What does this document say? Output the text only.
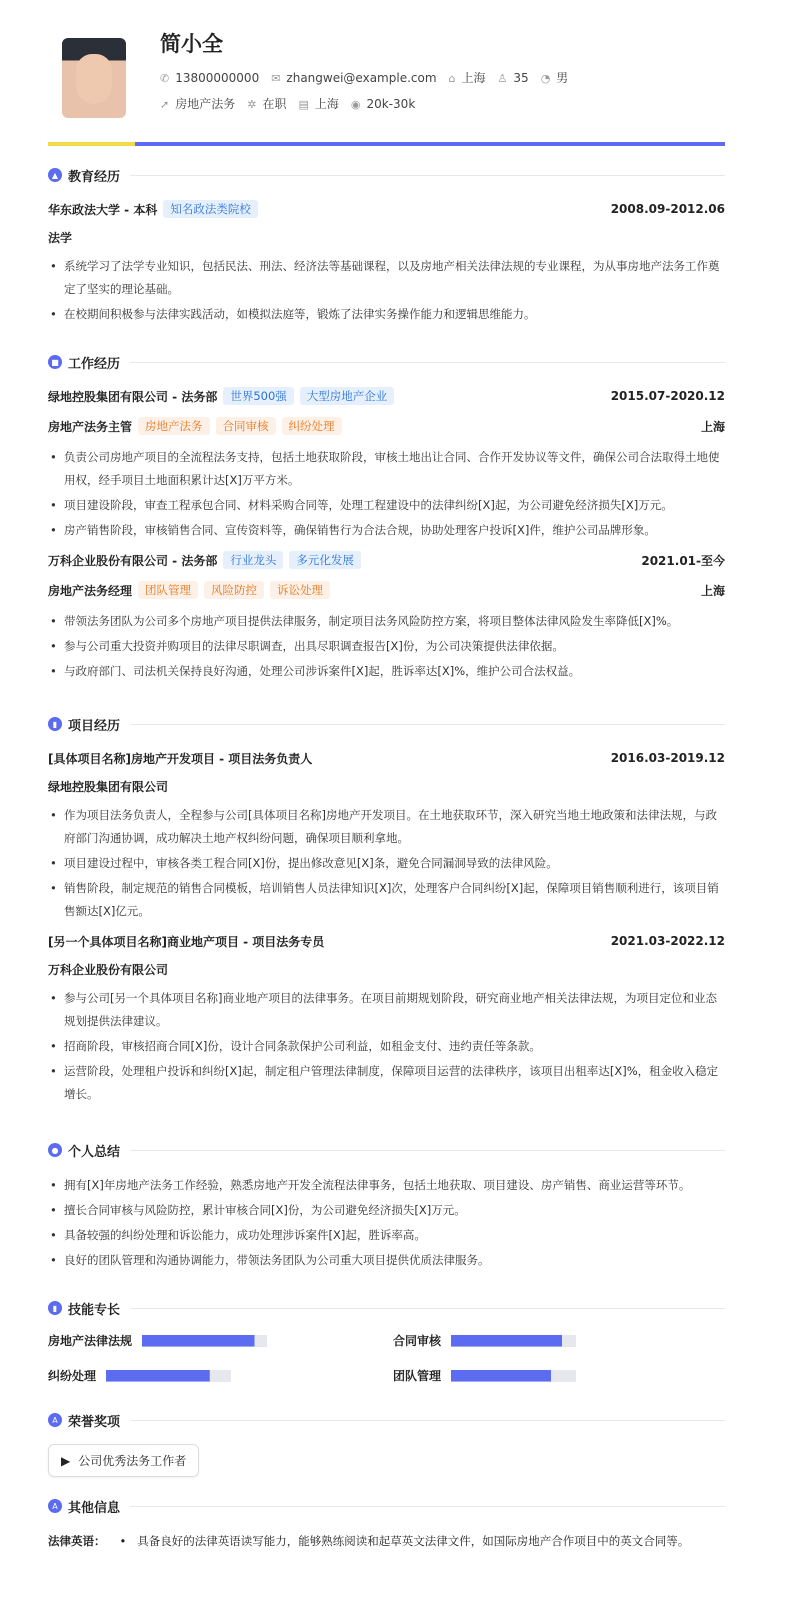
简小全
✆ 13800000000 ✉ zhangwei@example.com ⌂ 上海 ♙ 35 ◔ 男
➚ 房地产法务 ✲ 在职 ▤ 上海 ◉ 20k-30k
▲ 教育经历
华东政法大学 - 本科	知名政法类院校	2008.09-2012.06
法学
• 系统学习了法学专业知识，包括民法、刑法、经济法等基础课程，以及房地产相关法律法规的专业课程，为从事房地产法务工作奠定了坚实的理论基础。
• 在校期间积极参与法律实践活动，如模拟法庭等，锻炼了法律实务操作能力和逻辑思维能力。
■ 工作经历
绿地控股集团有限公司 - 法务部	世界500强	大型房地产企业	2015.07-2020.12
房地产法务主管	房地产法务	合同审核	纠纷处理	上海
• 负责公司房地产项目的全流程法务支持，包括土地获取阶段，审核土地出让合同、合作开发协议等文件，确保公司合法取得土地使用权，经手项目土地面积累计达[X]万平方米。
• 项目建设阶段，审查工程承包合同、材料采购合同等，处理工程建设中的法律纠纷[X]起，为公司避免经济损失[X]万元。
• 房产销售阶段，审核销售合同、宣传资料等，确保销售行为合法合规，协助处理客户投诉[X]件，维护公司品牌形象。
万科企业股份有限公司 - 法务部	行业龙头	多元化发展	2021.01-至今
房地产法务经理	团队管理	风险防控	诉讼处理	上海
• 带领法务团队为公司多个房地产项目提供法律服务，制定项目法务风险防控方案，将项目整体法律风险发生率降低[X]%。
• 参与公司重大投资并购项目的法律尽职调查，出具尽职调查报告[X]份，为公司决策提供法律依据。
• 与政府部门、司法机关保持良好沟通，处理公司涉诉案件[X]起，胜诉率达[X]%，维护公司合法权益。
▮ 项目经历
[具体项目名称]房地产开发项目 - 项目法务负责人	2016.03-2019.12
绿地控股集团有限公司
• 作为项目法务负责人，全程参与公司[具体项目名称]房地产开发项目。在土地获取环节，深入研究当地土地政策和法律法规，与政府部门沟通协调，成功解决土地产权纠纷问题，确保项目顺利拿地。
• 项目建设过程中，审核各类工程合同[X]份，提出修改意见[X]条，避免合同漏洞导致的法律风险。
• 销售阶段，制定规范的销售合同模板，培训销售人员法律知识[X]次，处理客户合同纠纷[X]起，保障项目销售顺利进行，该项目销售额达[X]亿元。
[另一个具体项目名称]商业地产项目 - 项目法务专员	2021.03-2022.12
万科企业股份有限公司
• 参与公司[另一个具体项目名称]商业地产项目的法律事务。在项目前期规划阶段，研究商业地产相关法律法规，为项目定位和业态规划提供法律建议。
• 招商阶段，审核招商合同[X]份，设计合同条款保护公司利益，如租金支付、违约责任等条款。
• 运营阶段，处理租户投诉和纠纷[X]起，制定租户管理法律制度，保障项目运营的法律秩序，该项目出租率达[X]%，租金收入稳定增长。
● 个人总结
• 拥有[X]年房地产法务工作经验，熟悉房地产开发全流程法律事务，包括土地获取、项目建设、房产销售、商业运营等环节。
• 擅长合同审核与风险防控，累计审核合同[X]份，为公司避免经济损失[X]万元。
• 具备较强的纠纷处理和诉讼能力，成功处理涉诉案件[X]起，胜诉率高。
• 良好的团队管理和沟通协调能力，带领法务团队为公司重大项目提供优质法律服务。
▮ 技能专长
房地产法律法规	合同审核
纠纷处理	团队管理
A 荣誉奖项
▶ 公司优秀法务工作者
A 其他信息
法律英语： • 具备良好的法律英语读写能力，能够熟练阅读和起草英文法律文件，如国际房地产合作项目中的英文合同等。
